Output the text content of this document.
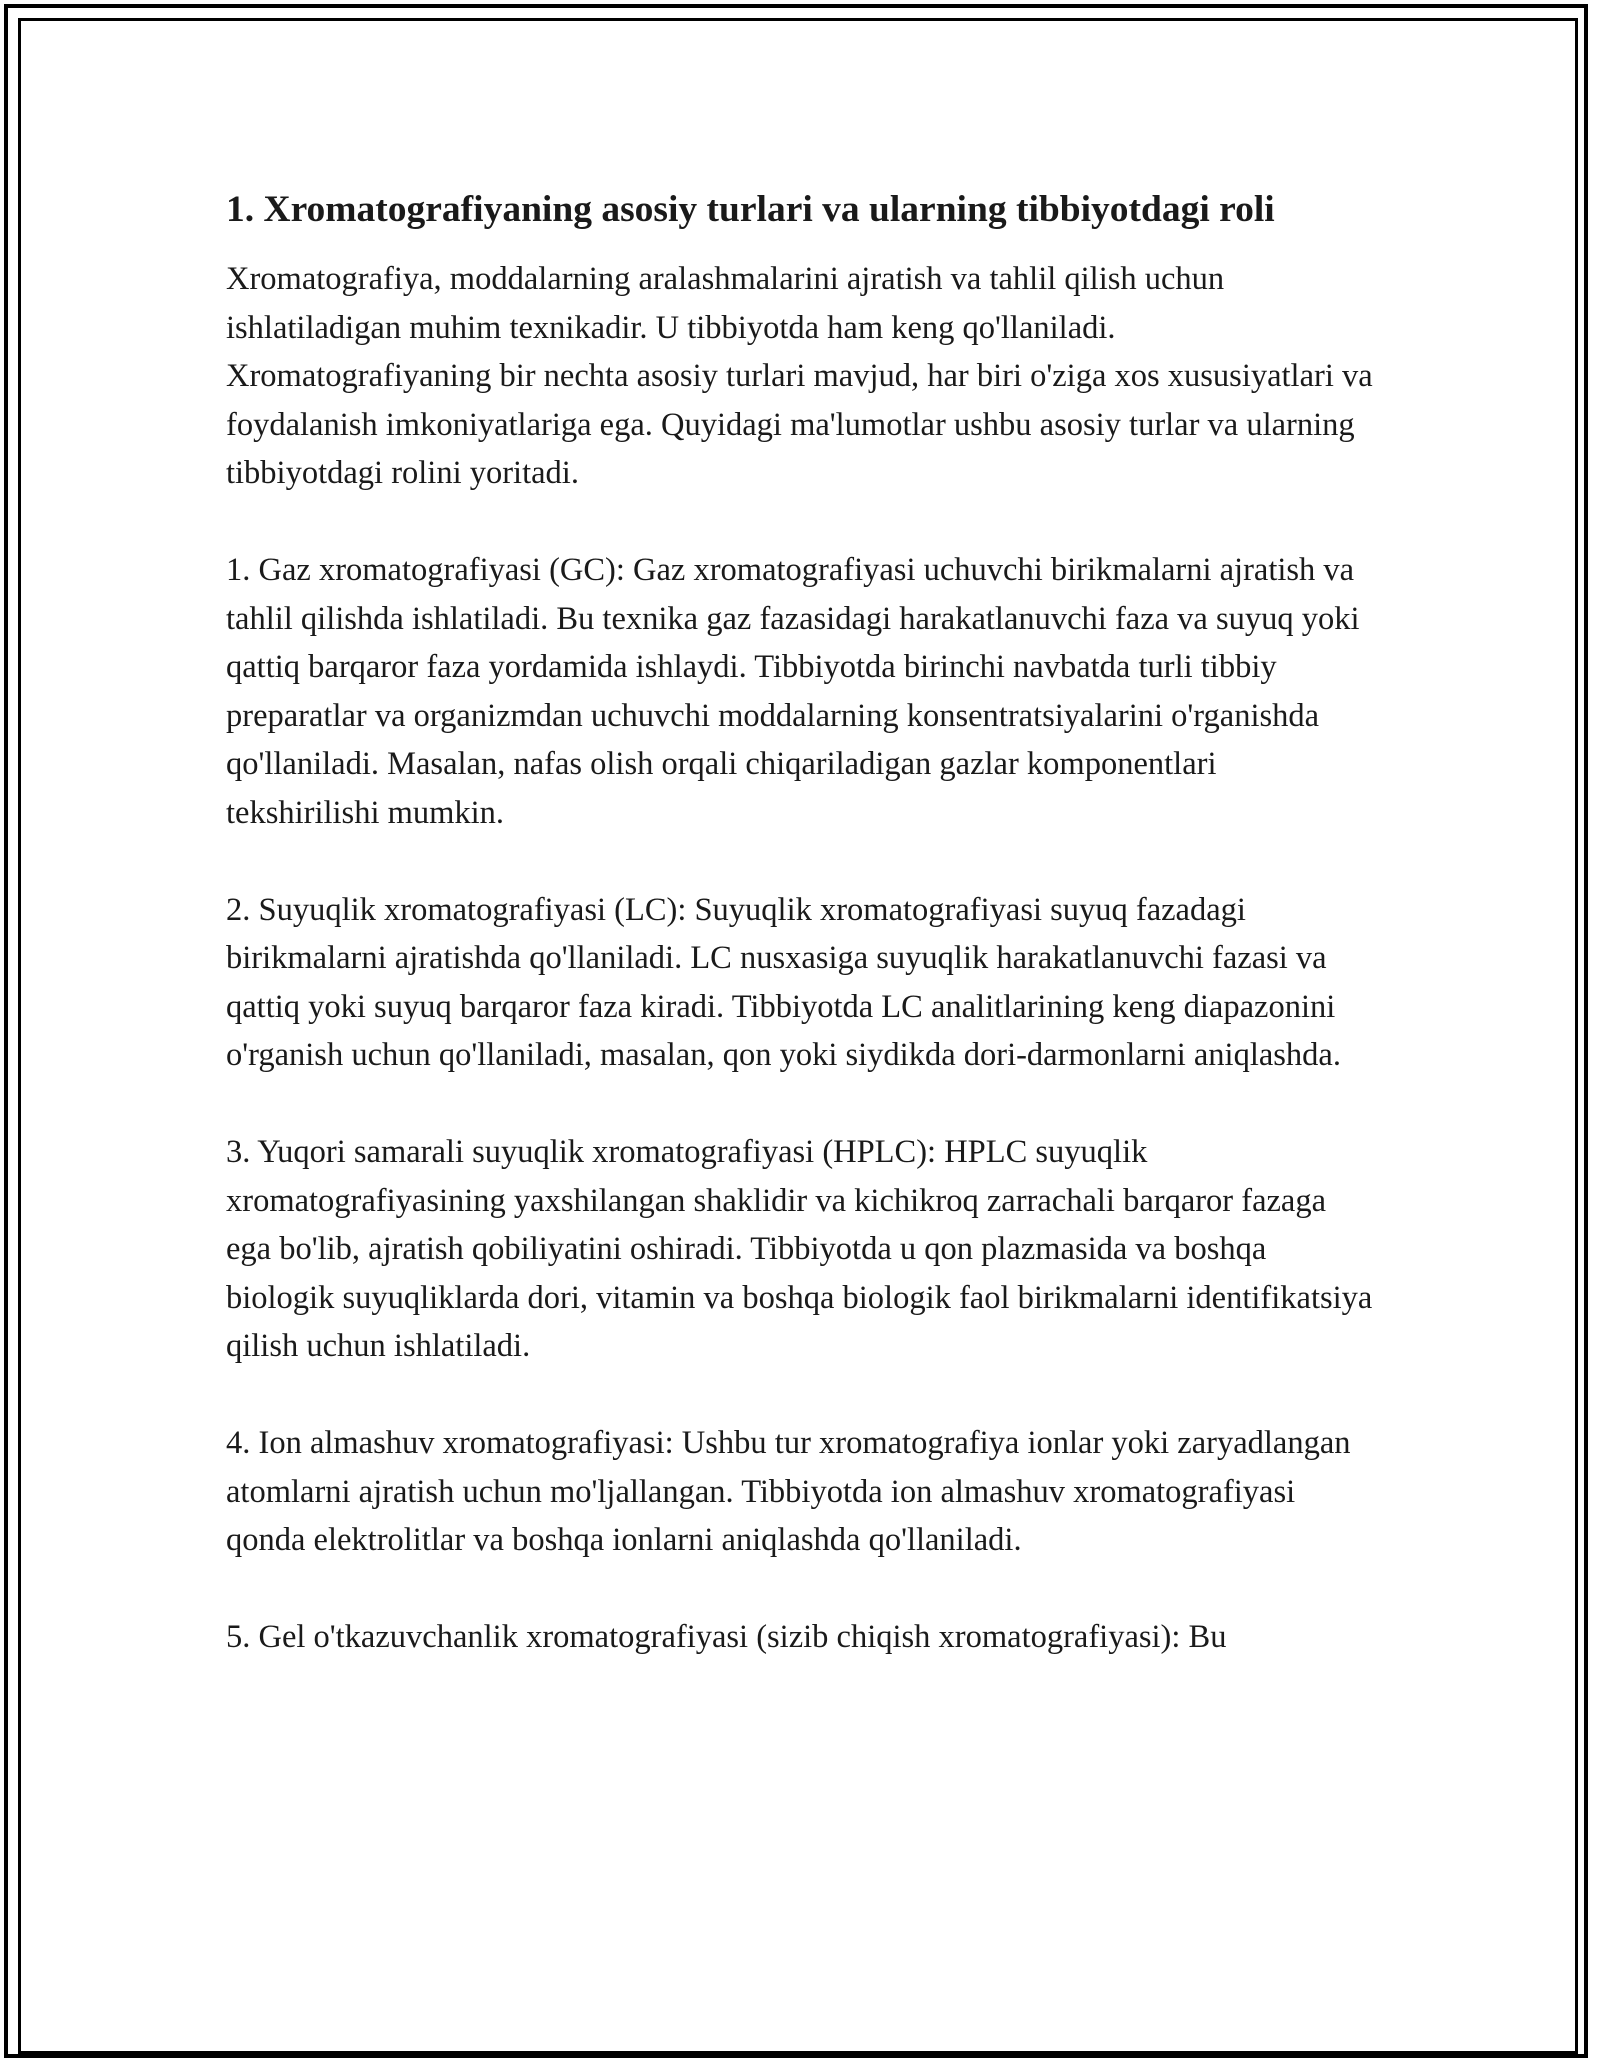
1. Xromatografiyaning asosiy turlari va ularning tibbiyotdagi roli

Xromatografiya, moddalarning aralashmalarini ajratish va tahlil qilish uchun ishlatiladigan muhim texnikadir. U tibbiyotda ham keng qo'llaniladi. Xromatografiyaning bir nechta asosiy turlari mavjud, har biri o'ziga xos xususiyatlari va foydalanish imkoniyatlariga ega. Quyidagi ma'lumotlar ushbu asosiy turlar va ularning tibbiyotdagi rolini yoritadi.

1. Gaz xromatografiyasi (GC): Gaz xromatografiyasi uchuvchi birikmalarni ajratish va tahlil qilishda ishlatiladi. Bu texnika gaz fazasidagi harakatlanuvchi faza va suyuq yoki qattiq barqaror faza yordamida ishlaydi. Tibbiyotda birinchi navbatda turli tibbiy preparatlar va organizmdan uchuvchi moddalarning konsentratsiyalarini o'rganishda qo'llaniladi. Masalan, nafas olish orqali chiqariladigan gazlar komponentlari tekshirilishi mumkin.

2. Suyuqlik xromatografiyasi (LC): Suyuqlik xromatografiyasi suyuq fazadagi birikmalarni ajratishda qo'llaniladi. LC nusxasiga suyuqlik harakatlanuvchi fazasi va qattiq yoki suyuq barqaror faza kiradi. Tibbiyotda LC analitlarining keng diapazonini o'rganish uchun qo'llaniladi, masalan, qon yoki siydikda dori-darmonlarni aniqlashda.

3. Yuqori samarali suyuqlik xromatografiyasi (HPLC): HPLC suyuqlik xromatografiyasining yaxshilangan shaklidir va kichikroq zarrachali barqaror fazaga ega bo'lib, ajratish qobiliyatini oshiradi. Tibbiyotda u qon plazmasida va boshqa biologik suyuqliklarda dori, vitamin va boshqa biologik faol birikmalarni identifikatsiya qilish uchun ishlatiladi.

4. Ion almashuv xromatografiyasi: Ushbu tur xromatografiya ionlar yoki zaryadlangan atomlarni ajratish uchun mo'ljallangan. Tibbiyotda ion almashuv xromatografiyasi qonda elektrolitlar va boshqa ionlarni aniqlashda qo'llaniladi.

5. Gel o'tkazuvchanlik xromatografiyasi (sizib chiqish xromatografiyasi): Bu
